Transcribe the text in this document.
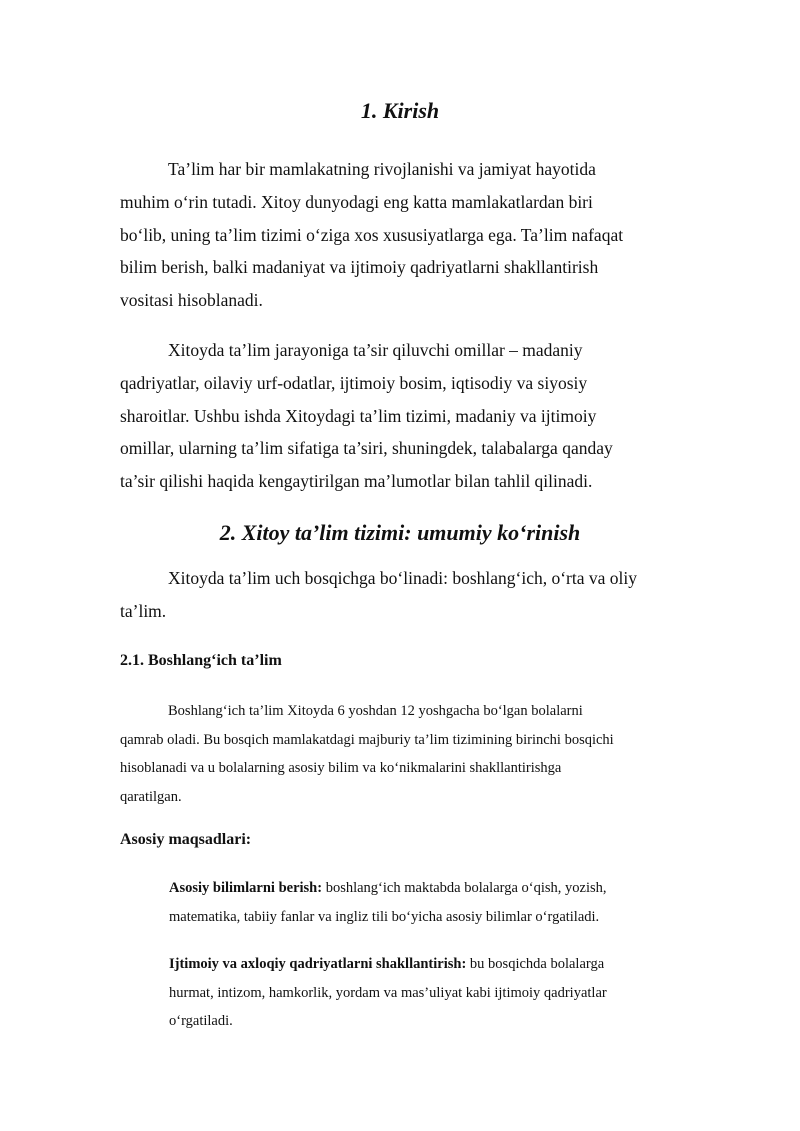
1. Kirish

Ta’lim har bir mamlakatning rivojlanishi va jamiyat hayotida

muhim oʻrin tutadi. Xitoy dunyodagi eng katta mamlakatlardan biri

boʻlib, uning ta’lim tizimi oʻziga xos xususiyatlarga ega. Ta’lim nafaqat

bilim berish, balki madaniyat va ijtimoiy qadriyatlarni shakllantirish

vositasi hisoblanadi.

Xitoyda ta’lim jarayoniga ta’sir qiluvchi omillar – madaniy

qadriyatlar, oilaviy urf-odatlar, ijtimoiy bosim, iqtisodiy va siyosiy

sharoitlar. Ushbu ishda Xitoydagi ta’lim tizimi, madaniy va ijtimoiy

omillar, ularning ta’lim sifatiga ta’siri, shuningdek, talabalarga qanday

ta’sir qilishi haqida kengaytirilgan ma’lumotlar bilan tahlil qilinadi.

2. Xitoy ta’lim tizimi: umumiy koʻrinish

Xitoyda ta’lim uch bosqichga boʻlinadi: boshlangʻich, oʻrta va oliy

ta’lim.

2.1. Boshlangʻich ta’lim

Boshlangʻich ta’lim Xitoyda 6 yoshdan 12 yoshgacha boʻlgan bolalarni

qamrab oladi. Bu bosqich mamlakatdagi majburiy ta’lim tizimining birinchi bosqichi

hisoblanadi va u bolalarning asosiy bilim va koʻnikmalarini shakllantirishga

qaratilgan.

Asosiy maqsadlari:

Asosiy bilimlarni berish: boshlangʻich maktabda bolalarga oʻqish, yozish,

matematika, tabiiy fanlar va ingliz tili boʻyicha asosiy bilimlar oʻrgatiladi.

Ijtimoiy va axloqiy qadriyatlarni shakllantirish: bu bosqichda bolalarga

hurmat, intizom, hamkorlik, yordam va mas’uliyat kabi ijtimoiy qadriyatlar

oʻrgatiladi.
